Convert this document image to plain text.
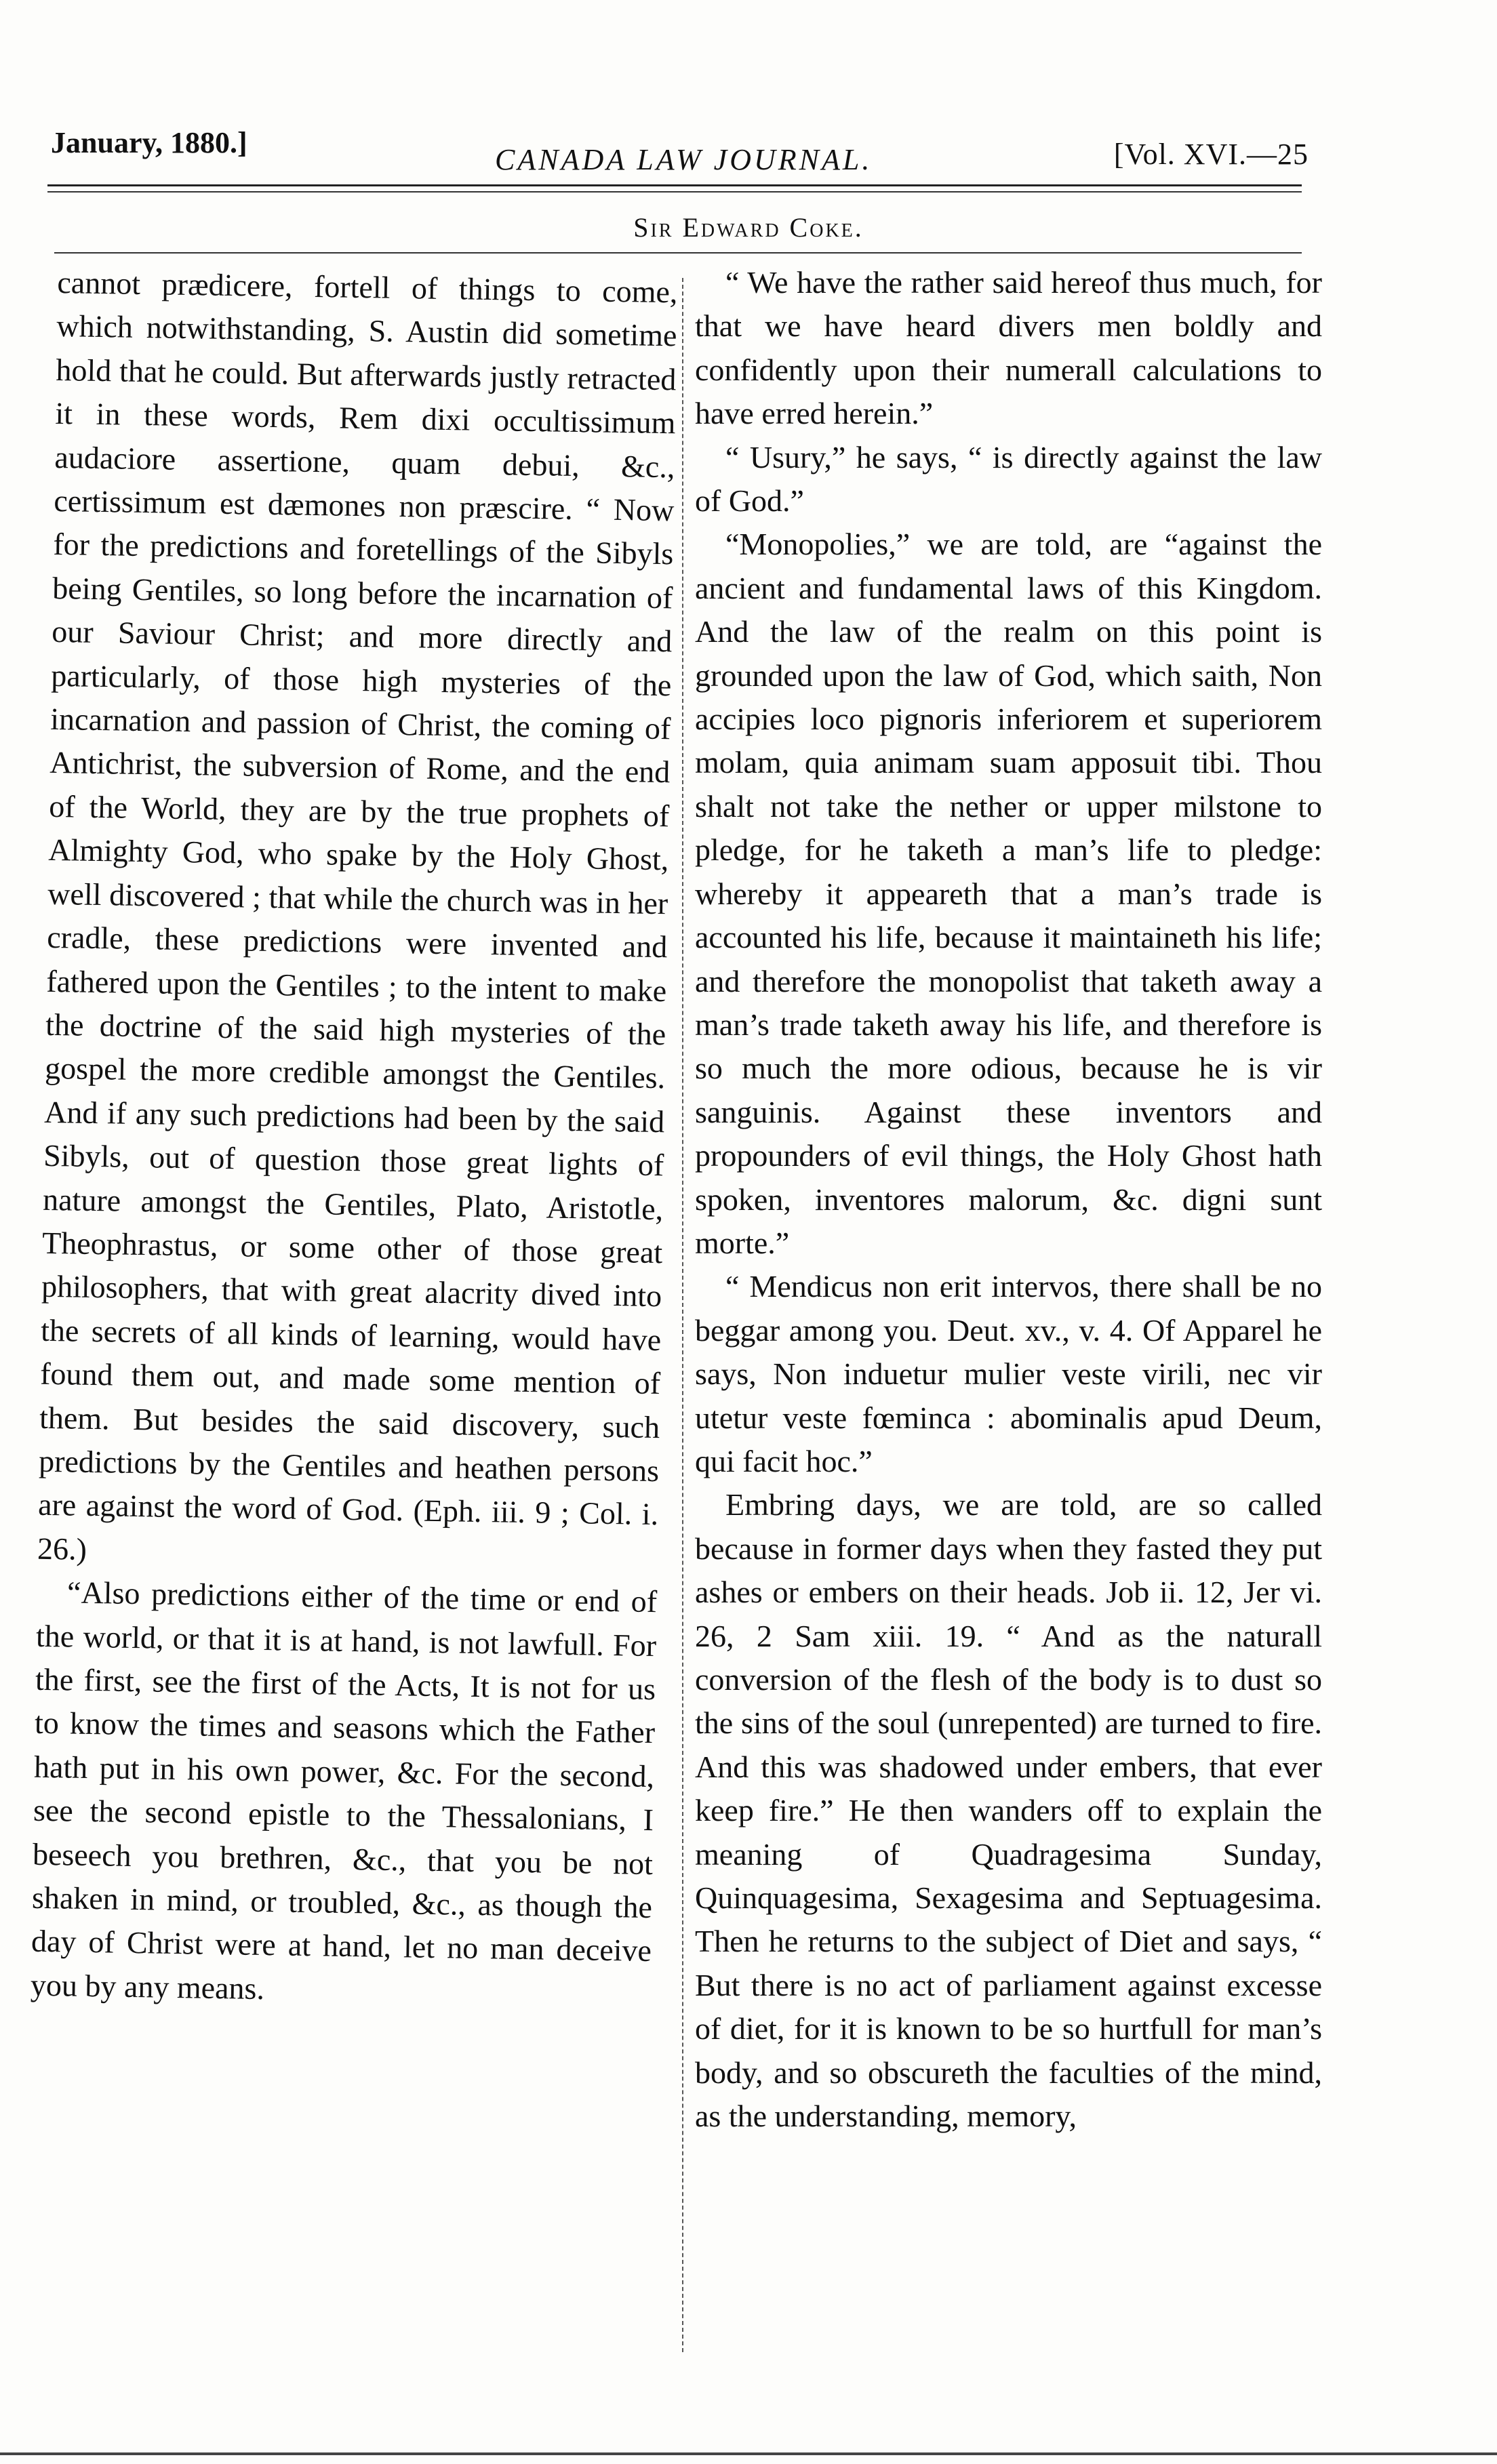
January, 1880.]
CANADA LAW JOURNAL.	[Vol. XVI.—25
Sir Edward Coke.

cannot prædicere, fortell of things to come, which notwithstanding, S. Austin did sometime hold that he could. But afterwards justly retracted it in these words, Rem dixi occultissimum audaciore assertione, quam debui, &c., certissimum est dæmones non præscire. “ Now for the predictions and foretellings of the Sibyls being Gentiles, so long before the incarnation of our Saviour Christ; and more directly and particularly, of those high mysteries of the incarnation and passion of Christ, the coming of Antichrist, the subversion of Rome, and the end of the World, they are by the true prophets of Almighty God, who spake by the Holy Ghost, well discovered ; that while the church was in her cradle, these predictions were invented and fathered upon the Gentiles ; to the intent to make the doctrine of the said high mysteries of the gospel the more credible amongst the Gentiles. And if any such predictions had been by the said Sibyls, out of question those great lights of nature amongst the Gentiles, Plato, Aristotle, Theophrastus, or some other of those great philosophers, that with great alacrity dived into the secrets of all kinds of learning, would have found them out, and made some mention of them. But besides the said discovery, such predictions by the Gentiles and heathen persons are against the word of God. (Eph. iii. 9 ; Col. i. 26.)

“Also predictions either of the time or end of the world, or that it is at hand, is not lawfull. For the first, see the first of the Acts, It is not for us to know the times and seasons which the Father hath put in his own power, &c. For the second, see the second epistle to the Thessalonians, I beseech you brethren, &c., that you be not shaken in mind, or troubled, &c., as though the day of Christ were at hand, let no man deceive you by any means.

“ We have the rather said hereof thus much, for that we have heard divers men boldly and confidently upon their numerall calculations to have erred herein.”

“ Usury,” he says, “ is directly against the law of God.”

“Monopolies,” we are told, are “against the ancient and fundamental laws of this Kingdom. And the law of the realm on this point is grounded upon the law of God, which saith, Non accipies loco pignoris inferiorem et superiorem molam, quia animam suam apposuit tibi. Thou shalt not take the nether or upper milstone to pledge, for he taketh a man’s life to pledge: whereby it appeareth that a man’s trade is accounted his life, because it maintaineth his life; and therefore the monopolist that taketh away a man’s trade taketh away his life, and therefore is so much the more odious, because he is vir sanguinis. Against these inventors and propounders of evil things, the Holy Ghost hath spoken, inventores malorum, &c. digni sunt morte.”

“ Mendicus non erit intervos, there shall be no beggar among you. Deut. xv., v. 4. Of Apparel he says, Non induetur mulier veste virili, nec vir utetur veste fœminca : abominalis apud Deum, qui facit hoc.”

Embring days, we are told, are so called because in former days when they fasted they put ashes or embers on their heads. Job ii. 12, Jer vi. 26, 2 Sam xiii. 19. “ And as the naturall conversion of the flesh of the body is to dust so the sins of the soul (unrepented) are turned to fire. And this was shadowed under embers, that ever keep fire.” He then wanders off to explain the meaning of Quadragesima Sunday, Quinquagesima, Sexagesima and Septuagesima. Then he returns to the subject of Diet and says, “ But there is no act of parliament against excesse of diet, for it is known to be so hurtfull for man’s body, and so obscureth the faculties of the mind, as the understanding, memory,
